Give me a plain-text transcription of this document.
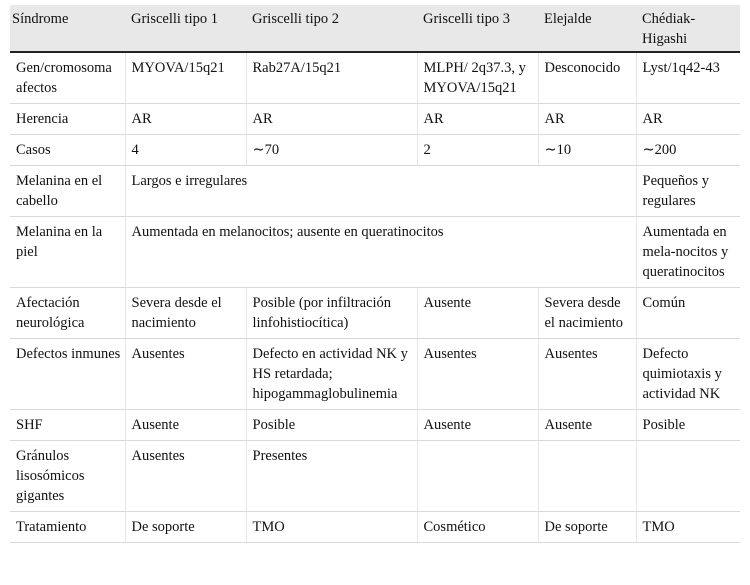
Síndrome	Griscelli tipo 1	Griscelli tipo 2	Griscelli tipo 3	Elejalde	Chédiak-Higashi
Gen/cromosoma afectos	MYOVA/15q21	Rab27A/15q21	MLPH/ 2q37.3, y MYOVA/15q21	Desconocido	Lyst/1q42-43
Herencia	AR	AR	AR	AR	AR
Casos	4	∼70	2	∼10	∼200
Melanina en el cabello	Largos e irregulares				Pequeños y regulares
Melanina en la piel	Aumentada en melanocitos; ausente en queratinocitos				Aumentada en mela-nocitos y queratinocitos
Afectación neurológica	Severa desde el nacimiento	Posible (por infiltración linfohistiocítica)	Ausente	Severa desde el nacimiento	Común
Defectos inmunes	Ausentes	Defecto en actividad NK y HS retardada; hipogammaglobulinemia	Ausentes	Ausentes	Defecto quimiotaxis y actividad NK
SHF	Ausente	Posible	Ausente	Ausente	Posible
Gránulos lisosómicos gigantes	Ausentes	Presentes			
Tratamiento	De soporte	TMO	Cosmético	De soporte	TMO
